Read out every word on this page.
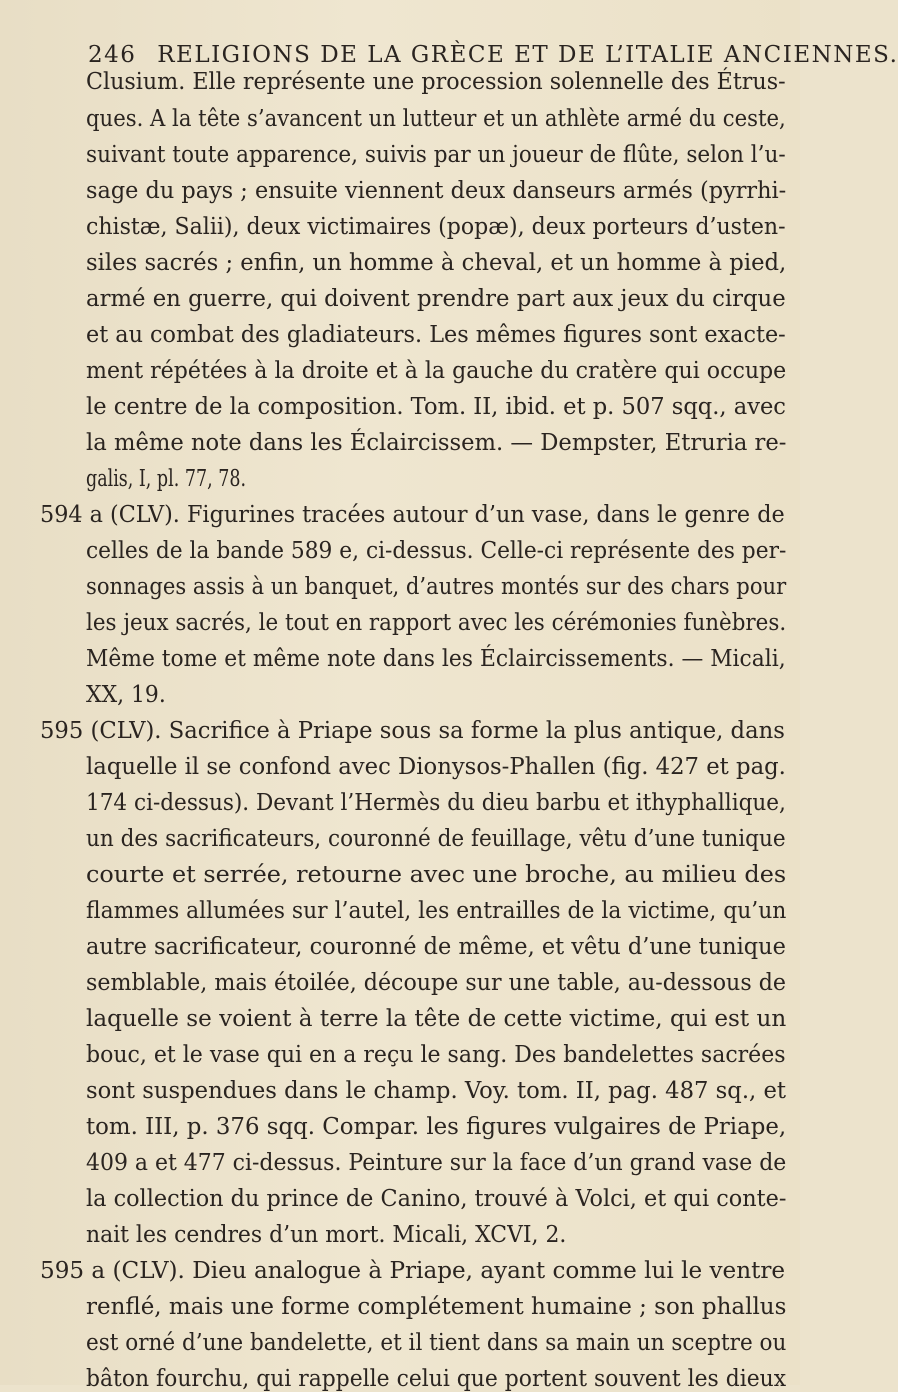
246 RELIGIONS DE LA GRÈCE ET DE L’ITALIE ANCIENNES.
Clusium. Elle représente une procession solennelle des Étrus-
ques. A la tête s’avancent un lutteur et un athlète armé du ceste,
suivant toute apparence, suivis par un joueur de flûte, selon l’u-
sage du pays ; ensuite viennent deux danseurs armés (pyrrhi-
chistæ, Salii), deux victimaires (popæ), deux porteurs d’usten-
siles sacrés ; enfin, un homme à cheval, et un homme à pied,
armé en guerre, qui doivent prendre part aux jeux du cirque
et au combat des gladiateurs. Les mêmes figures sont exacte-
ment répétées à la droite et à la gauche du cratère qui occupe
le centre de la composition. Tom. II, ibid. et p. 507 sqq., avec
la même note dans les Éclaircissem. — Dempster, Etruria re-
galis, I, pl. 77, 78.
594 a (CLV). Figurines tracées autour d’un vase, dans le genre de
celles de la bande 589 e, ci-dessus. Celle-ci représente des per-
sonnages assis à un banquet, d’autres montés sur des chars pour
les jeux sacrés, le tout en rapport avec les cérémonies funèbres.
Même tome et même note dans les Éclaircissements. — Micali,
XX, 19.
595 (CLV). Sacrifice à Priape sous sa forme la plus antique, dans
laquelle il se confond avec Dionysos-Phallen (fig. 427 et pag.
174 ci-dessus). Devant l’Hermès du dieu barbu et ithyphallique,
un des sacrificateurs, couronné de feuillage, vêtu d’une tunique
courte et serrée, retourne avec une broche, au milieu des
flammes allumées sur l’autel, les entrailles de la victime, qu’un
autre sacrificateur, couronné de même, et vêtu d’une tunique
semblable, mais étoilée, découpe sur une table, au-dessous de
laquelle se voient à terre la tête de cette victime, qui est un
bouc, et le vase qui en a reçu le sang. Des bandelettes sacrées
sont suspendues dans le champ. Voy. tom. II, pag. 487 sq., et
tom. III, p. 376 sqq. Compar. les figures vulgaires de Priape,
409 a et 477 ci-dessus. Peinture sur la face d’un grand vase de
la collection du prince de Canino, trouvé à Volci, et qui conte-
nait les cendres d’un mort. Micali, XCVI, 2.
595 a (CLV). Dieu analogue à Priape, ayant comme lui le ventre
renflé, mais une forme complétement humaine ; son phallus
est orné d’une bandelette, et il tient dans sa main un sceptre ou
bâton fourchu, qui rappelle celui que portent souvent les dieux
